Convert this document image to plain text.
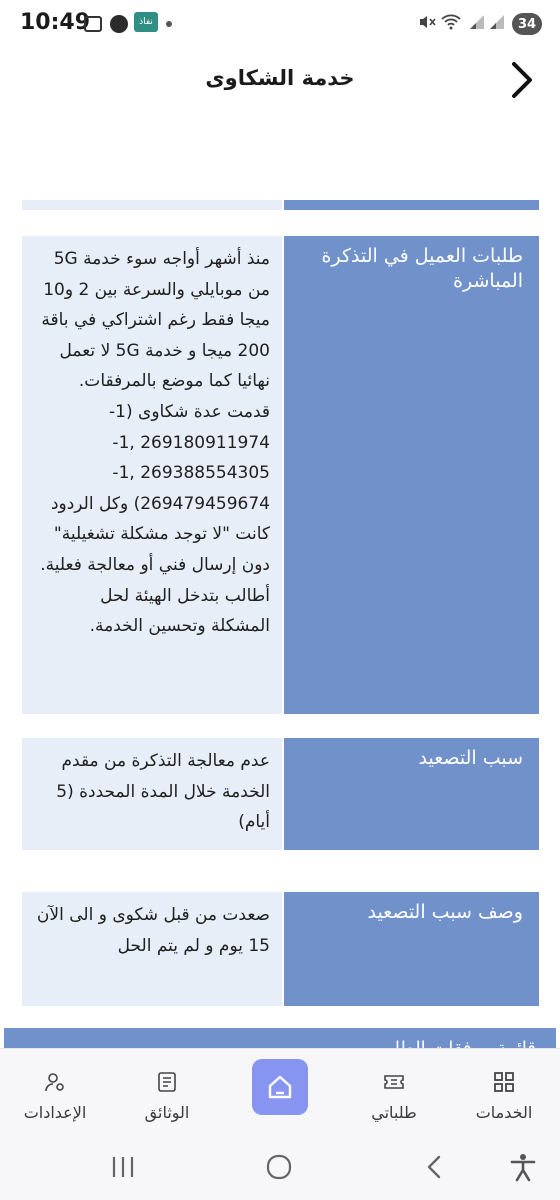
10:49	نفاذ	34
خدمة الشكاوى
طلبات العميل في التذكرة المباشرة
منذ أشهر أواجه سوء خدمة 5G من موبايلي والسرعة بين 2 و10 ميجا فقط رغم اشتراكي في باقة 200 ميجا و خدمة 5G لا تعمل نهائيا كما موضع بالمرفقات. قدمت عدة شكاوى (1-269180911974 ,1-269388554305 ,1-269479459674) وكل الردود كانت "لا توجد مشكلة تشغيلية" دون إرسال فني أو معالجة فعلية. أطالب بتدخل الهيئة لحل المشكلة وتحسين الخدمة.
سبب التصعيد
عدم معالجة التذكرة من مقدم الخدمة خلال المدة المحددة (5 أيام)
وصف سبب التصعيد
صعدت من قبل شكوى و الى الآن 15 يوم و لم يتم الحل
الإعدادات	الوثائق	طلباتي	الخدمات
